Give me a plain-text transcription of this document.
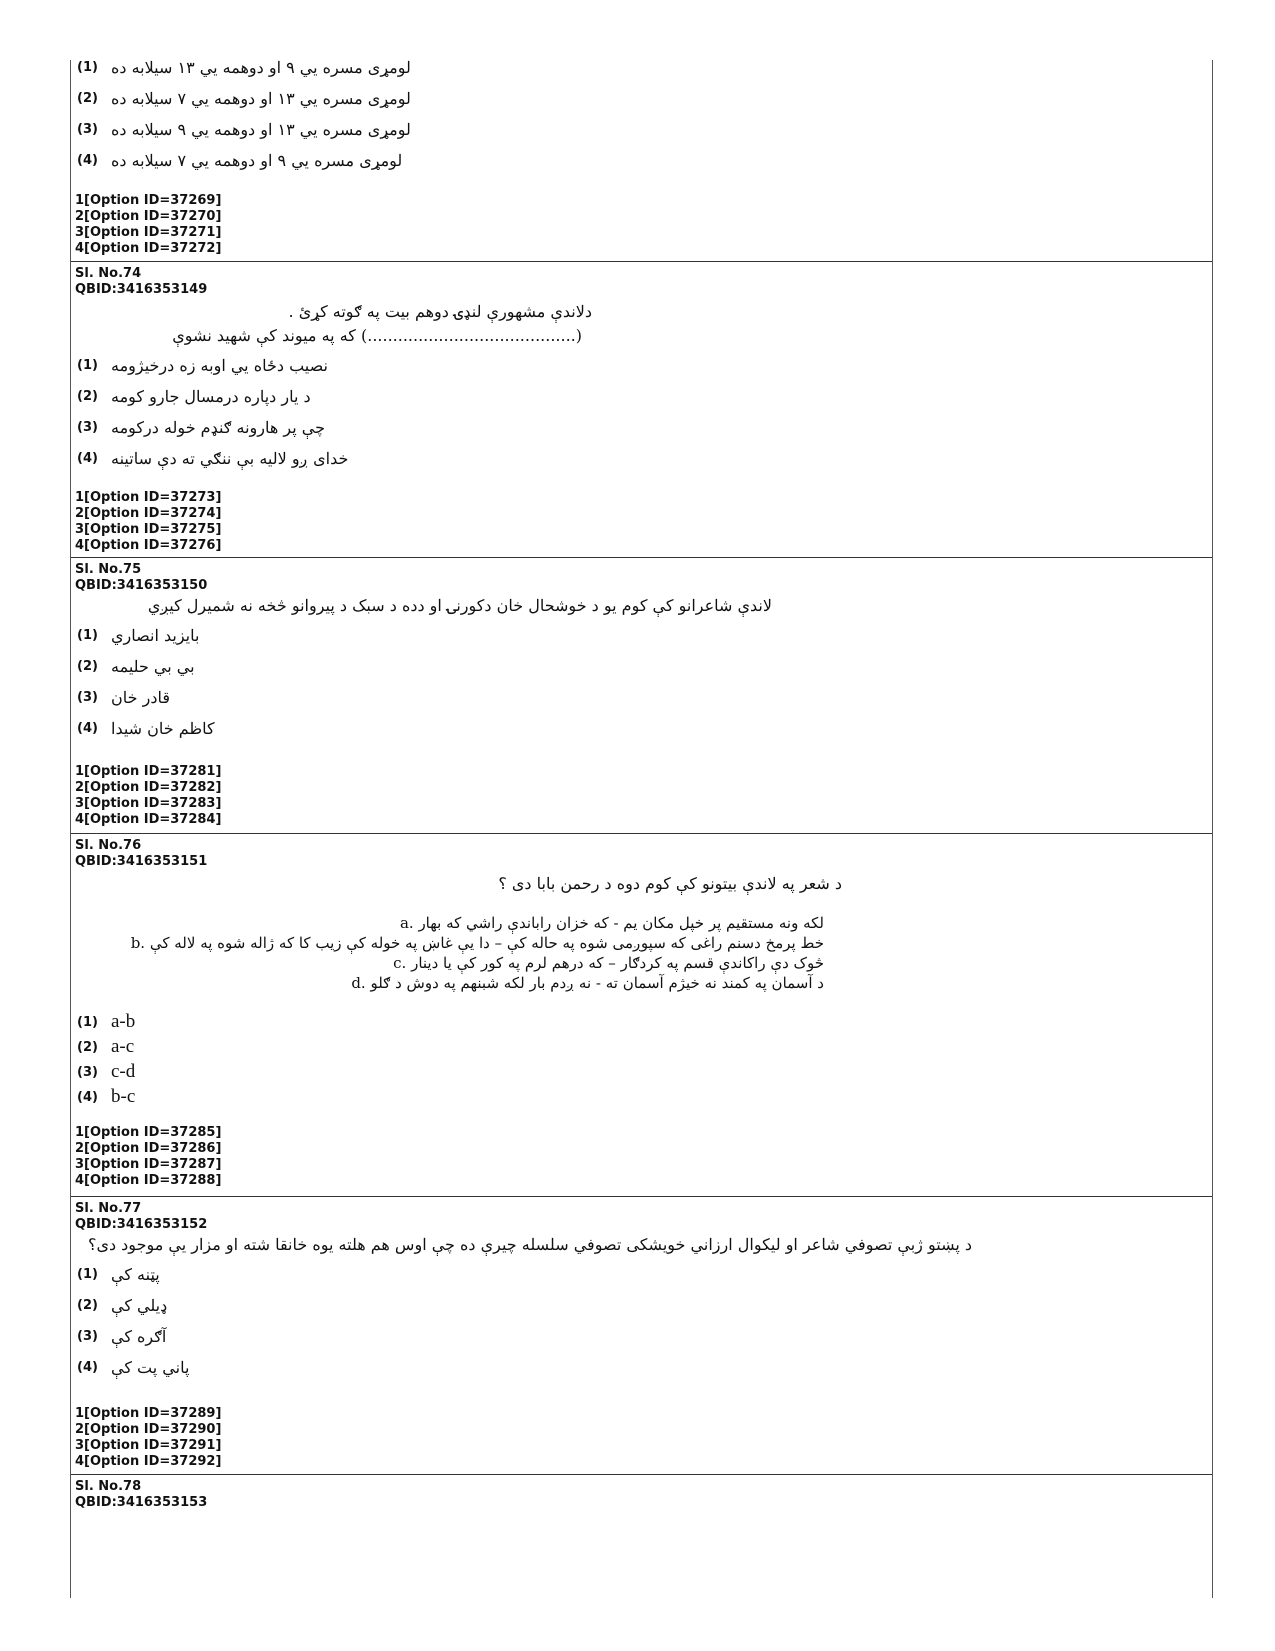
(1) لومړی مسره يي ۹ او دوهمه يي ۱۳ سيلابه ده
(2) لومړی مسره يي ۱۳ او دوهمه يي ۷ سيلابه ده
(3) لومړی مسره يي ۱۳ او دوهمه يي ۹ سيلابه ده
(4) لومړی مسره يي ۹ او دوهمه يي ۷ سيلابه ده
1[Option ID=37269]
2[Option ID=37270]
3[Option ID=37271]
4[Option ID=37272]
Sl. No.74
QBID:3416353149
دلاندې مشهورې لنډۍ دوهم بيت په ګوته کړئ .
(.........................................) که په ميوند کې شهيد نشوې
(1) نصيب دځاه يي اوبه زه درخيژومه
(2) د يار دپاره درمسال جارو کومه
(3) چې پر هارونه ګنډم خوله درکومه
(4) خدای ږو لاليه بې ننګي ته دې ساتينه
1[Option ID=37273]
2[Option ID=37274]
3[Option ID=37275]
4[Option ID=37276]
Sl. No.75
QBID:3416353150
لاندې شاعرانو کې کوم يو د خوشحال خان دکورنۍ او دده د سبک د پيروانو څخه نه شميرل کيږي
(1) بايزيد انصاري
(2) بي بي حليمه
(3) قادر خان
(4) کاظم خان شيدا
1[Option ID=37281]
2[Option ID=37282]
3[Option ID=37283]
4[Option ID=37284]
Sl. No.76
QBID:3416353151
د شعر په لاندې بيتونو کې کوم دوه د رحمن بابا دی ؟
a. لکه ونه مستقيم پر خپل مکان يم - که خزان راباندې راشي که بهار
b. خط پرمخ دسنم راغی که سپوږمی شوه په حاله کې – دا يې غاښ په خوله کې زيب کا که ژاله شوه په لاله کې
c. څوک دې راکاندې قسم په کردګار – که درهم لرم په کور کې يا دينار
d. د آسمان په کمند نه خيژم آسمان ته - نه ږدم بار لکه شبنهم په دوش د ګلو
(1) a-b
(2) a-c
(3) c-d
(4) b-c
1[Option ID=37285]
2[Option ID=37286]
3[Option ID=37287]
4[Option ID=37288]
Sl. No.77
QBID:3416353152
د پښتو ژبې تصوفي شاعر او ليکوال ارزاني خويشکی تصوفي سلسله چيرې ده چې اوس هم هلته يوه خانقا شته او مزار يې موجود دی؟
(1) پټنه کې
(2) ډيلي کې
(3) آګره کې
(4) پاني پت کې
1[Option ID=37289]
2[Option ID=37290]
3[Option ID=37291]
4[Option ID=37292]
Sl. No.78
QBID:3416353153
